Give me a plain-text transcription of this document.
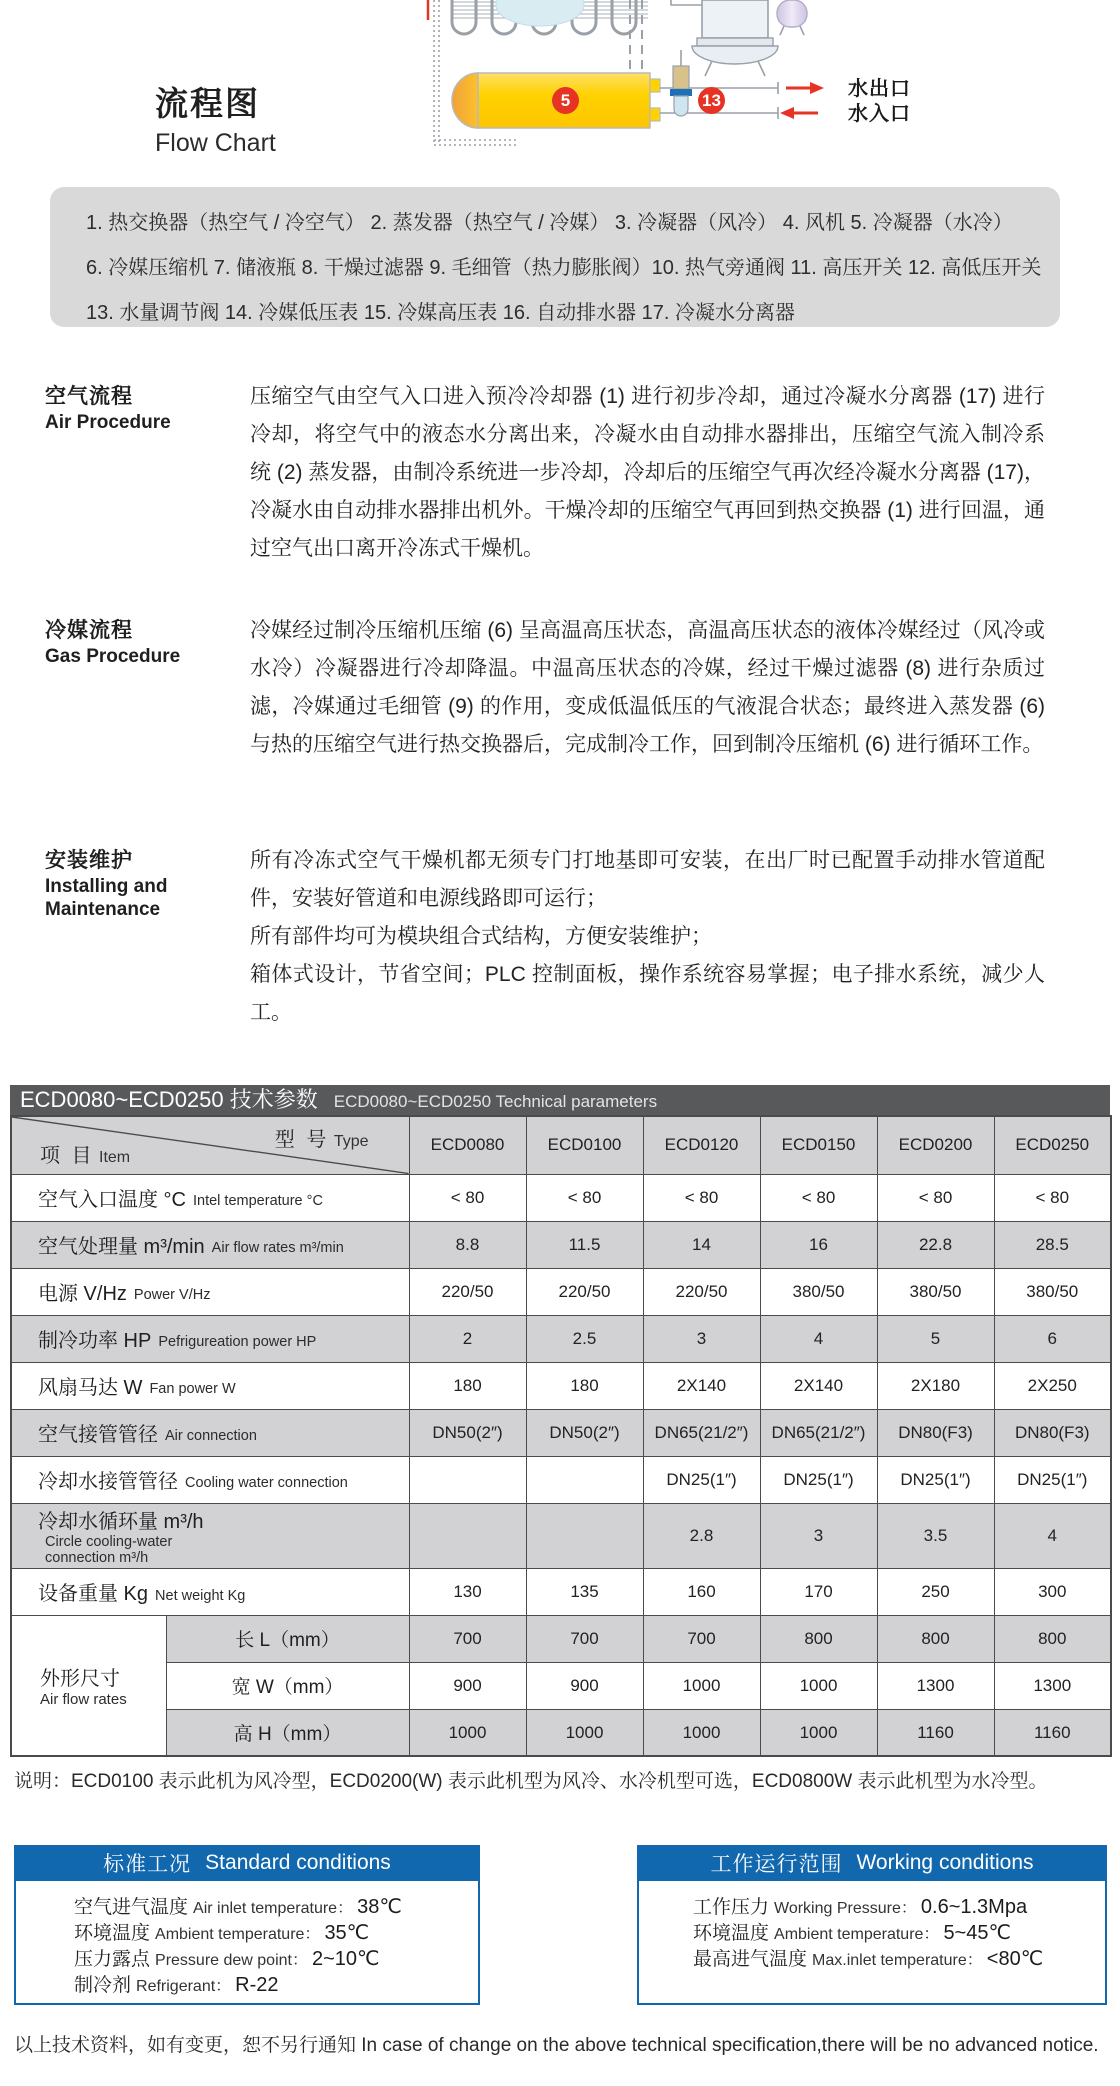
流程图
Flow Chart
5	13
水出口
水入口
1. 热交换器（热空气 / 冷空气） 2. 蒸发器（热空气 / 冷媒） 3. 冷凝器（风冷） 4. 风机 5. 冷凝器（水冷）
6. 冷媒压缩机 7. 储液瓶 8. 干燥过滤器 9. 毛细管（热力膨胀阀）10. 热气旁通阀 11. 高压开关 12. 高低压开关
13. 水量调节阀 14. 冷媒低压表 15. 冷媒高压表 16. 自动排水器 17. 冷凝水分离器
空气流程
Air Procedure
压缩空气由空气入口进入预冷冷却器 (1) 进行初步冷却，通过冷凝水分离器 (17) 进行冷却，将空气中的液态水分离出来，冷凝水由自动排水器排出，压缩空气流入制冷系统 (2) 蒸发器，由制冷系统进一步冷却，冷却后的压缩空气再次经冷凝水分离器 (17)，冷凝水由自动排水器排出机外。干燥冷却的压缩空气再回到热交换器 (1) 进行回温，通过空气出口离开冷冻式干燥机。
冷媒流程
Gas Procedure
冷媒经过制冷压缩机压缩 (6) 呈高温高压状态，高温高压状态的液体冷媒经过（风冷或水冷）冷凝器进行冷却降温。中温高压状态的冷媒，经过干燥过滤器 (8) 进行杂质过滤，冷媒通过毛细管 (9) 的作用，变成低温低压的气液混合状态；最终进入蒸发器 (6) 与热的压缩空气进行热交换器后，完成制冷工作，回到制冷压缩机 (6) 进行循环工作。
安装维护
Installing and Maintenance
所有冷冻式空气干燥机都无须专门打地基即可安装，在出厂时已配置手动排水管道配件，安装好管道和电源线路即可运行；
所有部件均可为模块组合式结构，方便安装维护；
箱体式设计，节省空间；PLC 控制面板，操作系统容易掌握；电子排水系统，减少人工。
ECD0080~ECD0250 技术参数 ECD0080~ECD0250 Technical parameters
型 号 Type
项 目 Item		ECD0080	ECD0100	ECD0120	ECD0150	ECD0200	ECD0250
空气入口温度 °C Intel temperature °C		< 80	< 80	< 80	< 80	< 80	< 80
空气处理量 m³/min Air flow rates m³/min		8.8	11.5	14	16	22.8	28.5
电源 V/Hz Power V/Hz		220/50	220/50	220/50	380/50	380/50	380/50
制冷功率 HP Pefrigureation power HP		2	2.5	3	4	5	6
风扇马达 W Fan power W		180	180	2X140	2X140	2X180	2X250
空气接管管径 Air connection		DN50(2″)	DN50(2″)	DN65(21/2″)	DN65(21/2″)	DN80(F3)	DN80(F3)
冷却水接管管径 Cooling water connection				DN25(1″)	DN25(1″)	DN25(1″)	DN25(1″)
冷却水循环量 m³/hCircle cooling-water connection m³/h				2.8	3	3.5	4
设备重量 Kg Net weight Kg		130	135	160	170	250	300
外形尺寸
Air flow rates	长 L（mm）	700	700	700	800	800	800
	宽 W（mm）	900	900	1000	1000	1300	1300
	高 H（mm）	1000	1000	1000	1000	1160	1160
说明：ECD0100 表示此机为风冷型，ECD0200(W) 表示此机型为风冷、水冷机型可选，ECD0800W 表示此机型为水冷型。
标准工况 Standard conditions
空气进气温度 Air inlet temperature： 38℃
环境温度 Ambient temperature： 35℃
压力露点 Pressure dew point： 2~10℃
制冷剂 Refrigerant： R-22
工作运行范围 Working conditions
工作压力 Working Pressure： 0.6~1.3Mpa
环境温度 Ambient temperature： 5~45℃
最高进气温度 Max.inlet temperature： <80℃
以上技术资料，如有变更，恕不另行通知 In case of change on the above technical specification,there will be no advanced notice.
